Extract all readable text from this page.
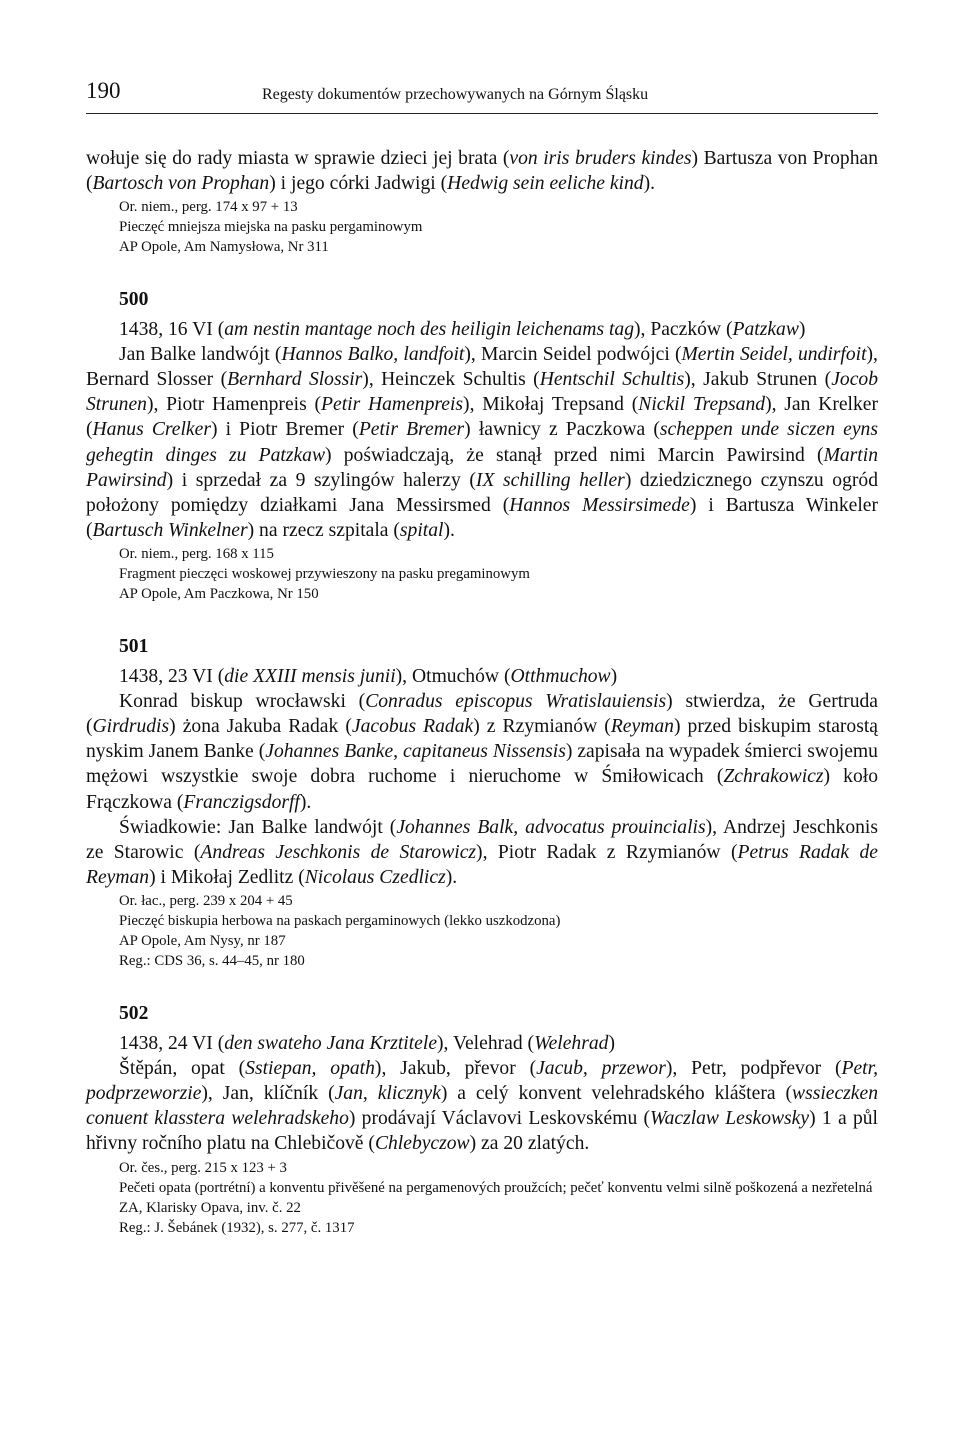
190	Regesty dokumentów przechowywanych na Górnym Śląsku

wołuje się do rady miasta w sprawie dzieci jej brata (von iris bruders kindes) Bartusza von Prophan (Bartosch von Prophan) i jego córki Jadwigi (Hedwig sein eeliche kind).

Or. niem., perg. 174 x 97 + 13
Pieczęć mniejsza miejska na pasku pergaminowym
AP Opole, Am Namysłowa, Nr 311
500

1438, 16 VI (am nestin mantage noch des heiligin leichenams tag), Paczków (Patzkaw)

Jan Balke landwójt (Hannos Balko, landfoit), Marcin Seidel podwójci (Mertin Seidel, undirfoit), Bernard Slosser (Bernhard Slossir), Heinczek Schultis (Hentschil Schultis), Jakub Strunen (Jocob Strunen), Piotr Hamenpreis (Petir Hamenpreis), Mikołaj Trepsand (Nickil Trepsand), Jan Krelker (Hanus Crelker) i Piotr Bremer (Petir Bremer) ławnicy z Paczkowa (scheppen unde siczen eyns gehegtin dinges zu Patzkaw) poświadczają, że stanął przed nimi Marcin Pawirsind (Martin Pawirsind) i sprzedał za 9 szylingów halerzy (IX schilling heller) dziedzicznego czynszu ogród położony pomiędzy działkami Jana Messirsmed (Hannos Messirsimede) i Bartusza Winkeler (Bartusch Winkelner) na rzecz szpitala (spital).

Or. niem., perg. 168 x 115
Fragment pieczęci woskowej przywieszony na pasku pregaminowym
AP Opole, Am Paczkowa, Nr 150
501

1438, 23 VI (die XXIII mensis junii), Otmuchów (Otthmuchow)

Konrad biskup wrocławski (Conradus episcopus Wratislauiensis) stwierdza, że Gertruda (Girdrudis) żona Jakuba Radak (Jacobus Radak) z Rzymianów (Reyman) przed biskupim starostą nyskim Janem Banke (Johannes Banke, capitaneus Nissensis) zapisała na wypadek śmierci swojemu mężowi wszystkie swoje dobra ruchome i nieruchome w Śmiłowicach (Zchrakowicz) koło Frączkowa (Franczigsdorff).

Świadkowie: Jan Balke landwójt (Johannes Balk, advocatus prouincialis), Andrzej Jeschkonis ze Starowic (Andreas Jeschkonis de Starowicz), Piotr Radak z Rzymianów (Petrus Radak de Reyman) i Mikołaj Zedlitz (Nicolaus Czedlicz).

Or. łac., perg. 239 x 204 + 45
Pieczęć biskupia herbowa na paskach pergaminowych (lekko uszkodzona)
AP Opole, Am Nysy, nr 187
Reg.: CDS 36, s. 44–45, nr 180
502

1438, 24 VI (den swateho Jana Krztitele), Velehrad (Welehrad)

Štěpán, opat (Sstiepan, opath), Jakub, převor (Jacub, przewor), Petr, podpřevor (Petr, podprzeworzie), Jan, klíčník (Jan, klicznyk) a celý konvent velehradského kláštera (wssieczken conuent klasstera welehradskeho) prodávají Václavovi Leskovskému (Waczlaw Leskowsky) 1 a půl hřivny ročního platu na Chlebičově (Chlebyczow) za 20 zlatých.

Or. čes., perg. 215 x 123 + 3
Pečeti opata (portrétní) a konventu přivěšené na pergamenových proužcích; pečeť konventu velmi silně poškozená a nezřetelná
ZA, Klarisky Opava, inv. č. 22
Reg.: J. Šebánek (1932), s. 277, č. 1317
